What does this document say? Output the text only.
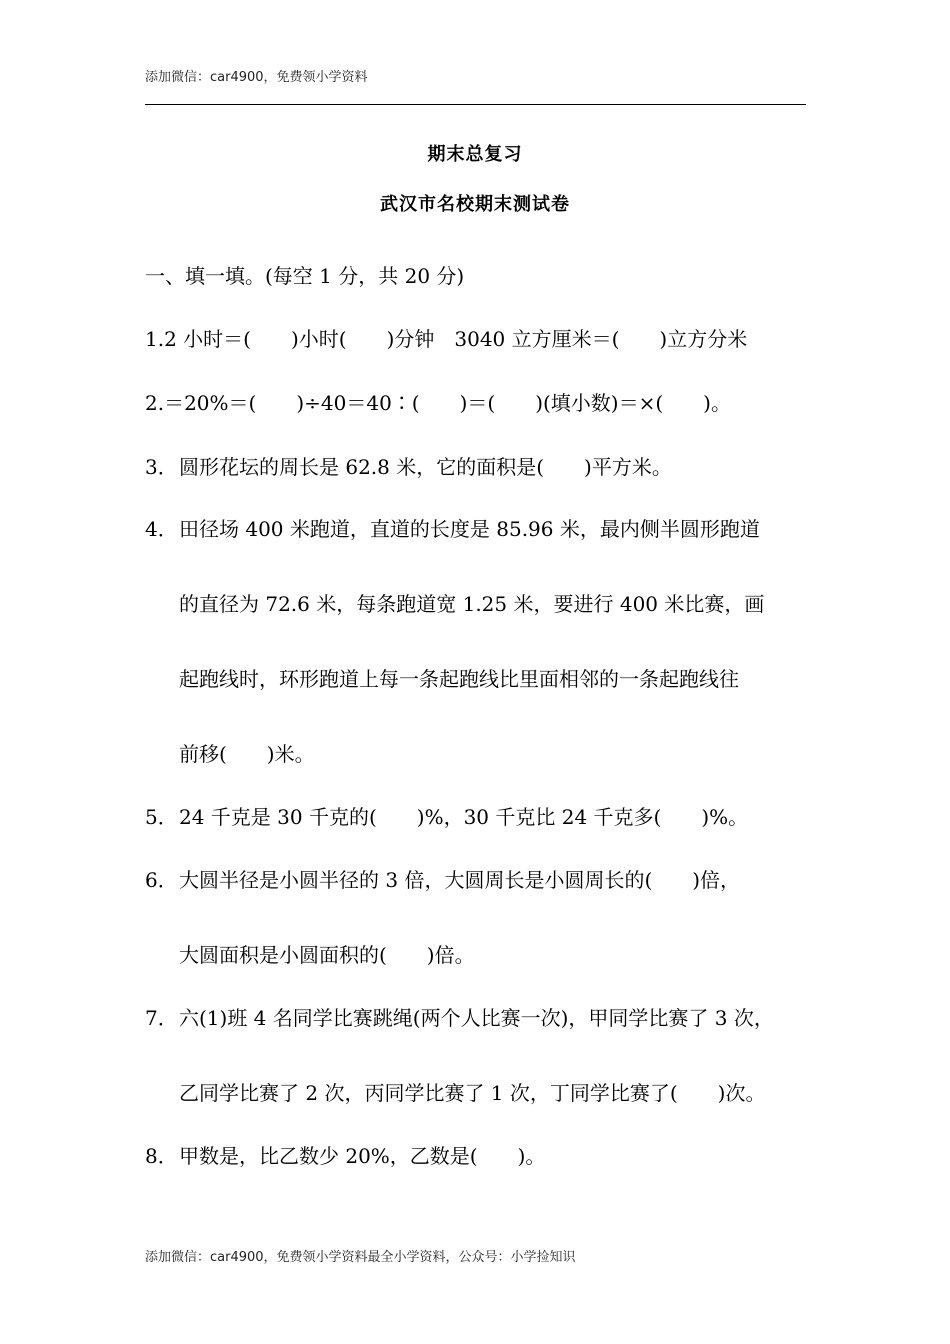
添加微信：car4900，免费领小学资料
期末总复习
武汉市名校期末测试卷
一、填一填。(每空 1 分，共 20 分)
1.2 小时＝(　　)小时(　　)分钟　3040 立方厘米＝(　　)立方分米
2.＝20%＝(　　)÷40＝40∶(　　)＝(　　)(填小数)＝×(　　)。
3．圆形花坛的周长是 62.8 米，它的面积是(　　)平方米。
4．田径场 400 米跑道，直道的长度是 85.96 米，最内侧半圆形跑道
的直径为 72.6 米，每条跑道宽 1.25 米，要进行 400 米比赛，画
起跑线时，环形跑道上每一条起跑线比里面相邻的一条起跑线往
前移(　　)米。
5．24 千克是 30 千克的(　　)%，30 千克比 24 千克多(　　)%。
6．大圆半径是小圆半径的 3 倍，大圆周长是小圆周长的(　　)倍，
大圆面积是小圆面积的(　　)倍。
7．六(1)班 4 名同学比赛跳绳(两个人比赛一次)，甲同学比赛了 3 次，
乙同学比赛了 2 次，丙同学比赛了 1 次，丁同学比赛了(　　)次。
8．甲数是，比乙数少 20%，乙数是(　　)。
添加微信：car4900，免费领小学资料最全小学资料，公众号：小学捡知识
